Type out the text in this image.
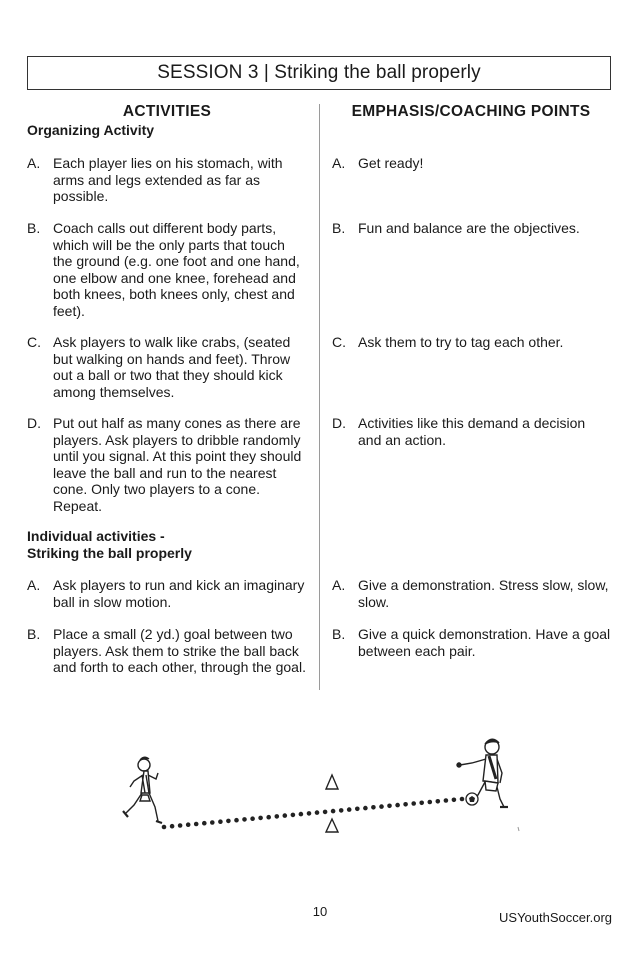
SESSION 3 | Striking the ball properly
ACTIVITIES	EMPHASIS/COACHING POINTS
Organizing Activity
A. Each player lies on his stomach, with arms and legs extended as far as possible.
A. Get ready!
B. Coach calls out different body parts, which will be the only parts that touch the ground (e.g. one foot and one hand, one elbow and one knee, forehead and both knees, both knees only, chest and feet).
B. Fun and balance are the objectives.
C. Ask players to walk like crabs, (seated but walking on hands and feet). Throw out a ball or two that they should kick among themselves.
C. Ask them to try to tag each other.
D. Put out half as many cones as there are players. Ask players to dribble randomly until you signal. At this point they should leave the ball and run to the nearest cone. Only two players to a cone. Repeat.
D. Activities like this demand a decision and an action.
Individual activities -
Striking the ball properly
A. Ask players to run and kick an imaginary ball in slow motion.
A. Give a demonstration. Stress slow, slow, slow.
B. Place a small (2 yd.) goal between two players. Ask them to strike the ball back and forth to each other, through the goal.
B. Give a quick demonstration. Have a goal between each pair.
10	USYouthSoccer.org
